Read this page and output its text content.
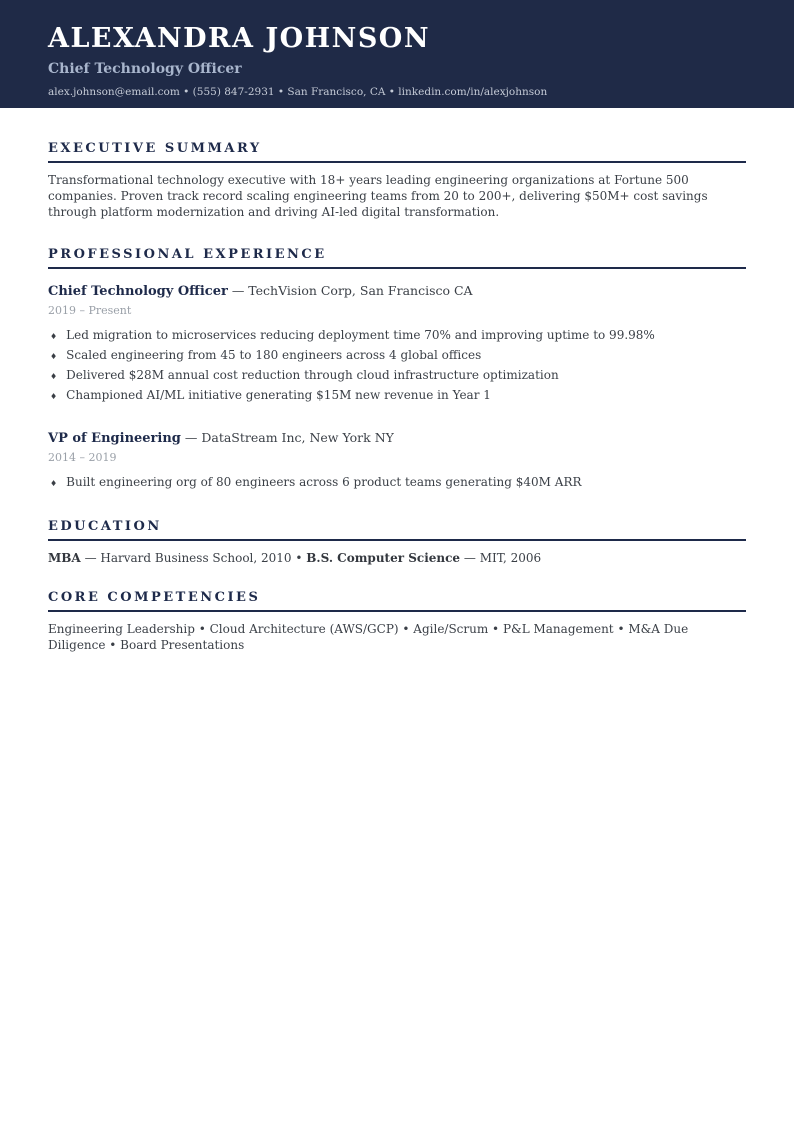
ALEXANDRA JOHNSON
Chief Technology Officer
alex.johnson@email.com • (555) 847-2931 • San Francisco, CA • linkedin.com/in/alexjohnson
EXECUTIVE SUMMARY

Transformational technology executive with 18+ years leading engineering organizations at Fortune 500 companies. Proven track record scaling engineering teams from 20 to 200+, delivering $50M+ cost savings through platform modernization and driving AI-led digital transformation.

PROFESSIONAL EXPERIENCE
Chief Technology Officer — TechVision Corp, San Francisco CA
2019 – Present
♦ Led migration to microservices reducing deployment time 70% and improving uptime to 99.98%
♦ Scaled engineering from 45 to 180 engineers across 4 global offices
♦ Delivered $28M annual cost reduction through cloud infrastructure optimization
♦ Championed AI/ML initiative generating $15M new revenue in Year 1
VP of Engineering — DataStream Inc, New York NY
2014 – 2019
♦ Built engineering org of 80 engineers across 6 product teams generating $40M ARR
EDUCATION

MBA — Harvard Business School, 2010 • B.S. Computer Science — MIT, 2006

CORE COMPETENCIES

Engineering Leadership • Cloud Architecture (AWS/GCP) • Agile/Scrum • P&L Management • M&A Due Diligence • Board Presentations
